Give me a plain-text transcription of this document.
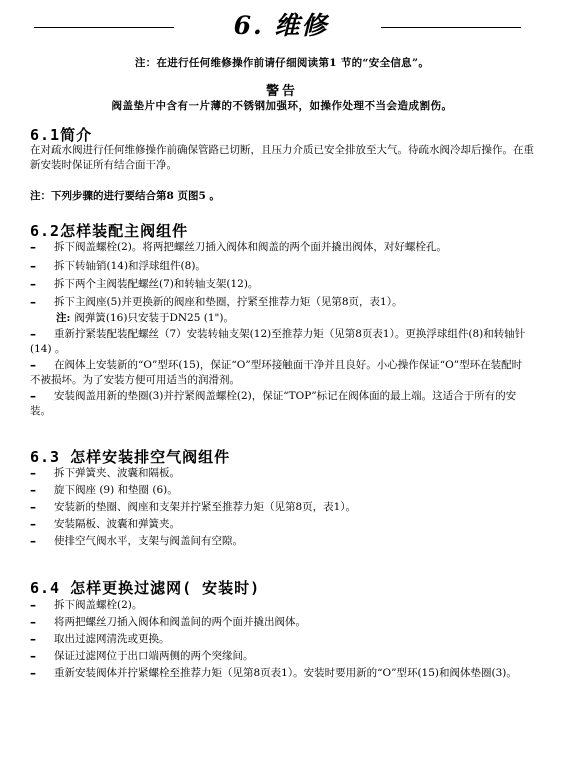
6. 维修
注：在进行任何维修操作前请仔细阅读第1 节的“安全信息”。
警告
阀盖垫片中含有一片薄的不锈钢加强环，如操作处理不当会造成割伤。
6.1简介
在对疏水阀进行任何维修操作前确保管路已切断，且压力介质已安全排放至大气。待疏水阀冷却后操作。在重新安装时保证所有结合面干净。
注：下列步骤的进行要结合第8 页图5 。
6.2怎样装配主阀组件
–	拆下阀盖螺栓(2)。将两把螺丝刀插入阀体和阀盖的两个面并撬出阀体，对好螺栓孔。
–	拆下转轴销(14)和浮球组件(8)。
–	拆下两个主阀装配螺丝(7)和转轴支架(12)。
–	拆下主阀座(5)并更换新的阀座和垫圈，拧紧至推荐力矩（见第8页，表1）。
注: 阀弹簧(16)只安装于DN25 (1")。
–	重新拧紧装配装配螺丝（7）安装转轴支架(12)至推荐力矩（见第8页表1）。更换浮球组件(8)和转轴针(14) 。
–	在阀体上安装新的“O”型环(15)，保证“O”型环接触面干净并且良好。小心操作保证“O”型环在装配时不被损坏。为了安装方便可用适当的润滑剂。
–	安装阀盖用新的垫圈(3)并拧紧阀盖螺栓(2)，保证“TOP”标记在阀体面的最上端。这适合于所有的安装。
6.3 怎样安装排空气阀组件
–	拆下弹簧夹、波囊和隔板。
–	旋下阀座 (9) 和垫圈 (6)。
–	安装新的垫圈、阀座和支架并拧紧至推荐力矩（见第8页，表1）。
–	安装隔板、波囊和弹簧夹。
–	使排空气阀水平，支架与阀盖间有空隙。
6.4 怎样更换过滤网( 安装时)
–	拆下阀盖螺栓(2)。
–	将两把螺丝刀插入阀体和阀盖间的两个面并撬出阀体。
–	取出过滤网清洗或更换。
–	保证过滤网位于出口端两侧的两个突缘间。
–	重新安装阀体并拧紧螺栓至推荐力矩（见第8页表1）。安装时要用新的“O”型环(15)和阀体垫圈(3)。
